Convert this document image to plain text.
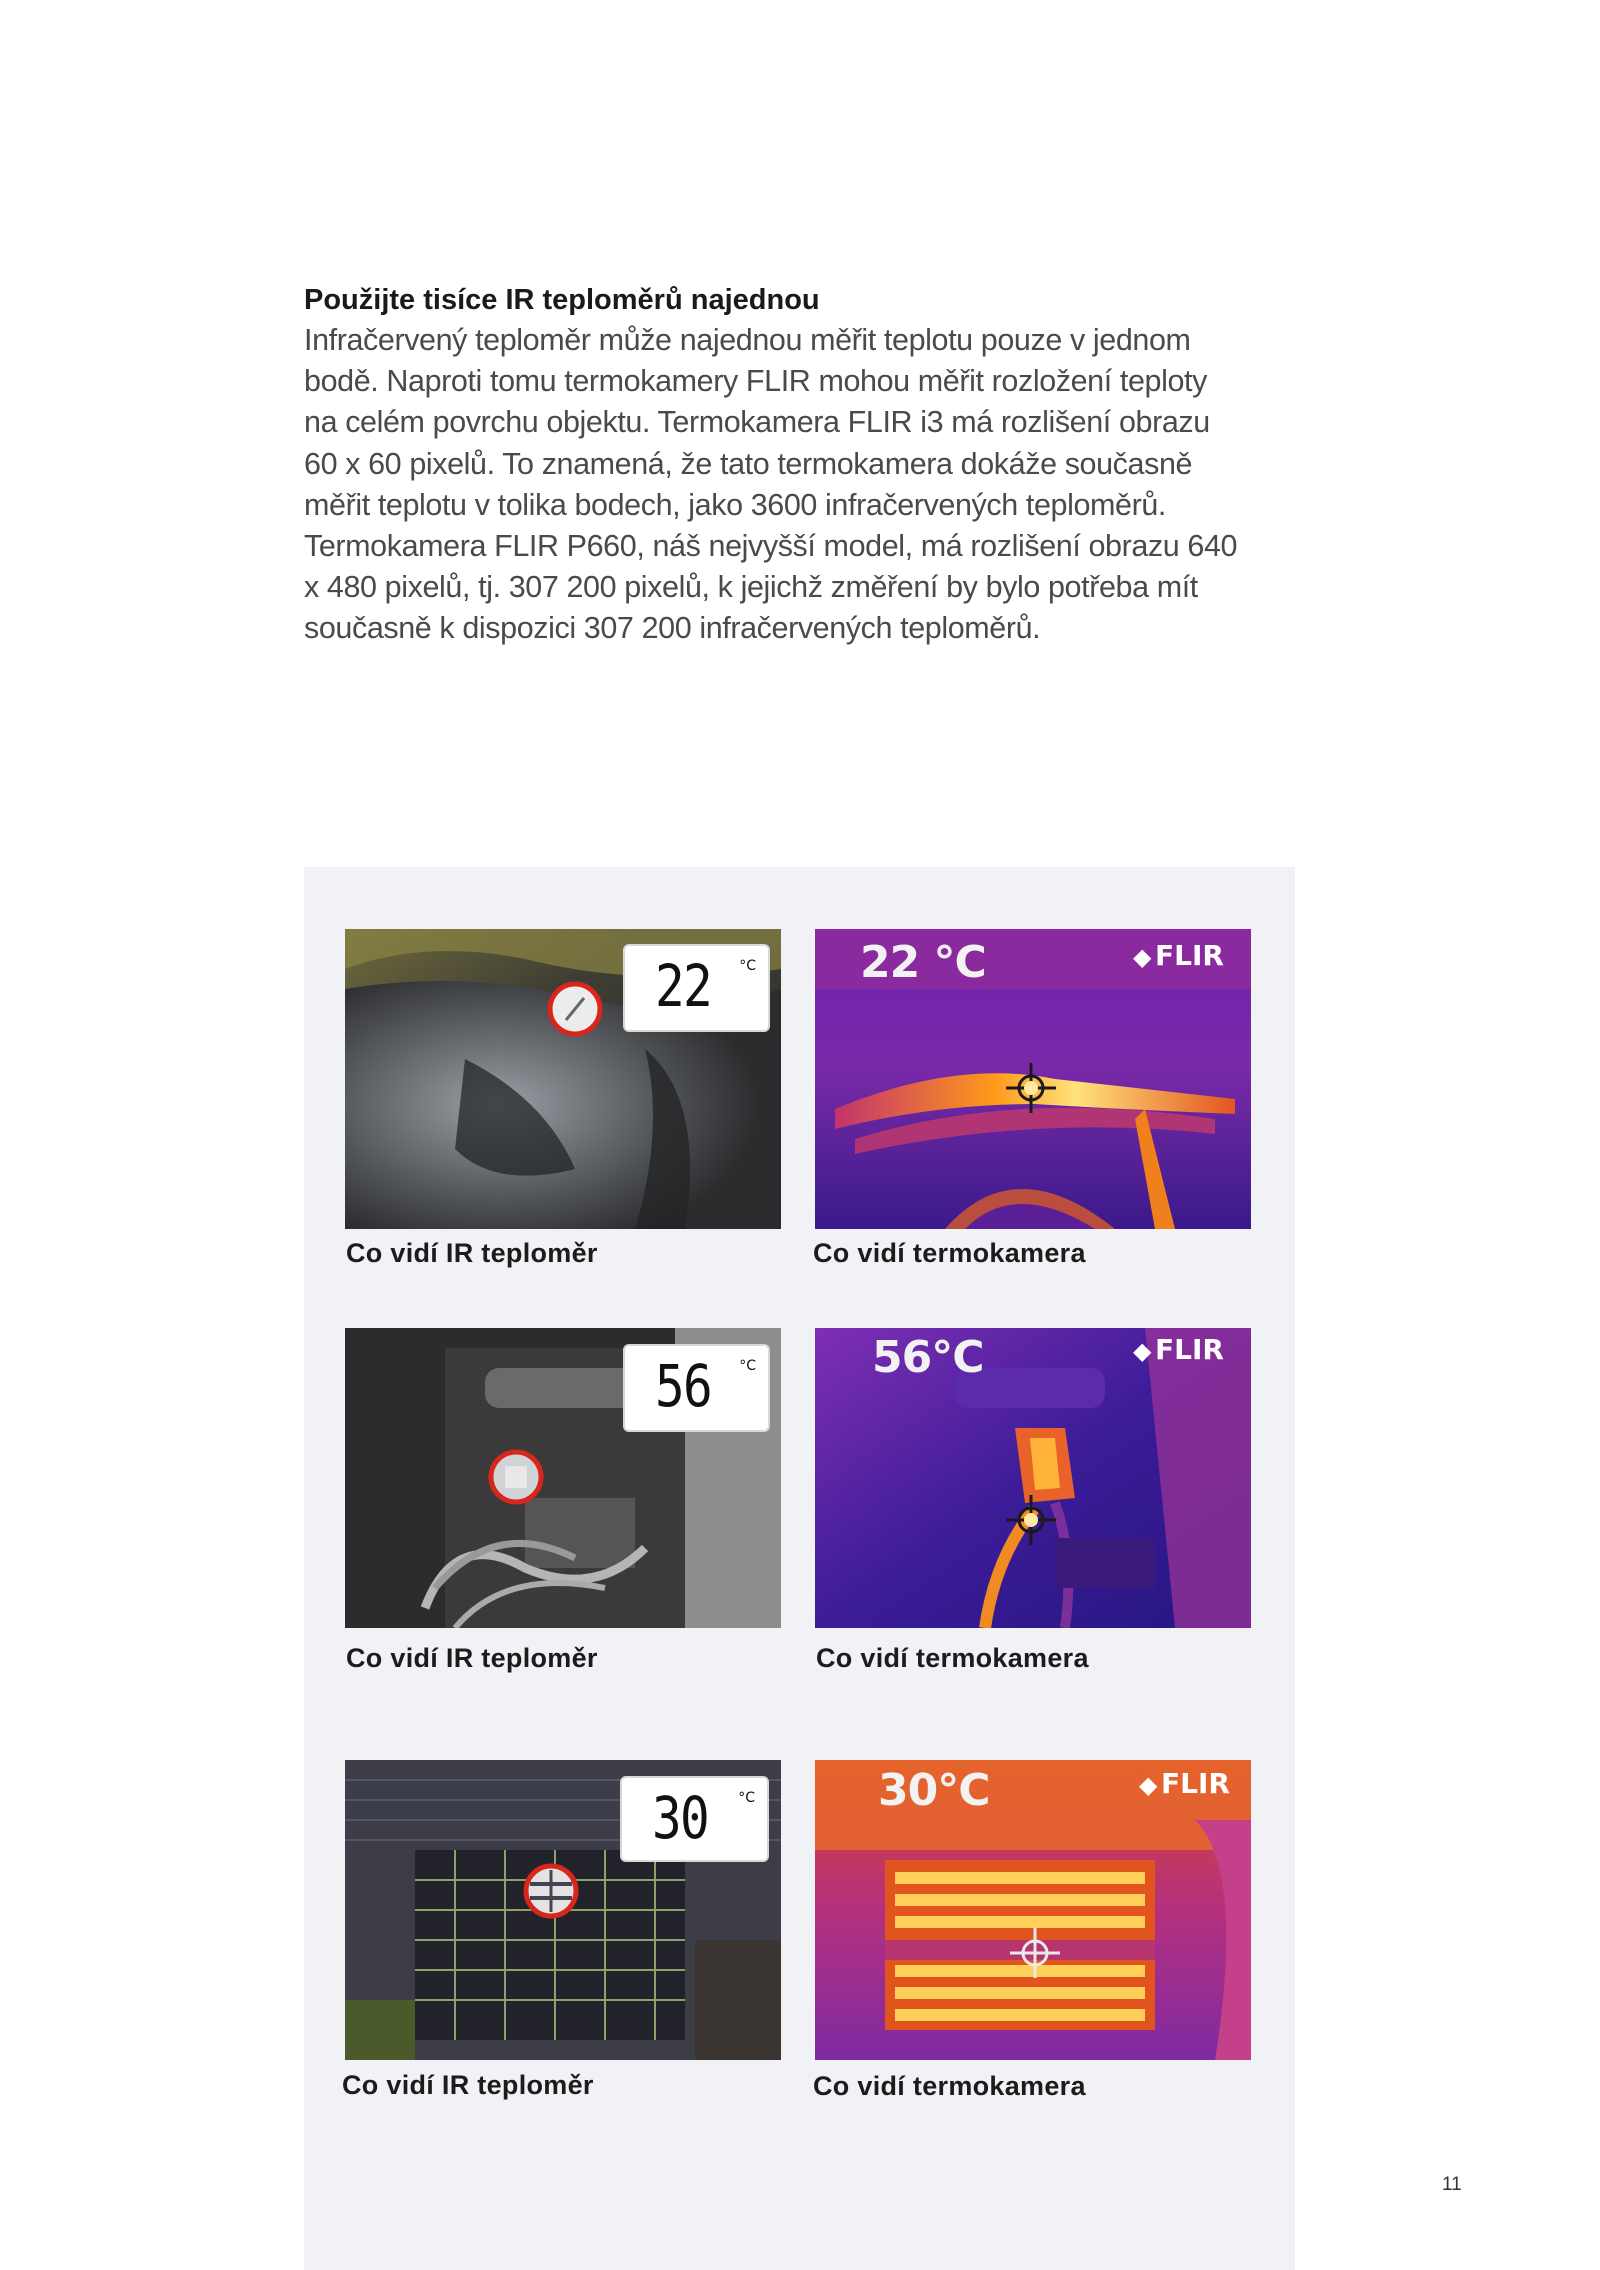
Použijte tisíce IR teploměrů najednou
Infračervený teploměr může najednou měřit teplotu pouze v jednom
bodě. Naproti tomu termokamery FLIR mohou měřit rozložení teploty
na celém povrchu objektu. Termokamera FLIR i3 má rozlišení obrazu
60 x 60 pixelů. To znamená, že tato termokamera dokáže současně
měřit teplotu v tolika bodech, jako 3600 infračervených teploměrů.
Termokamera FLIR P660, náš nejvyšší model, má rozlišení obrazu 640
x 480 pixelů, tj. 307 200 pixelů, k jejichž změření by bylo potřeba mít
současně k dispozici 307 200 infračervených teploměrů.
22 °C 22 °C	◆ FLIR
Co vidí IR teploměr	Co vidí termokamera
56 °C	56°C	◆ FLIR
Co vidí IR teploměr	Co vidí termokamera
30 °C	30°C	◆ FLIR
Co vidí IR teploměr	Co vidí termokamera
11
